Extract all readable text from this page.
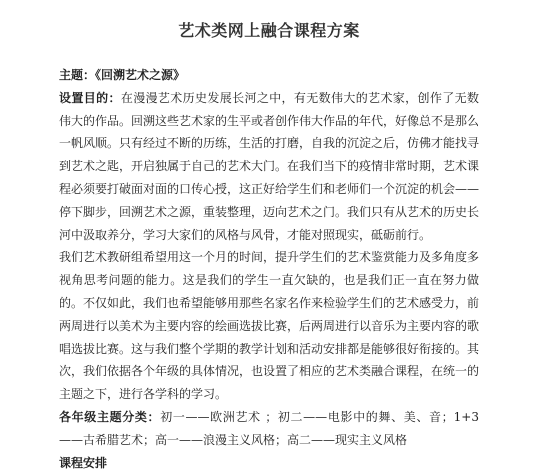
艺术类网上融合课程方案

主题：《回溯艺术之源》

设置目的：在漫漫艺术历史发展长河之中，有无数伟大的艺术家，创作了无数伟大的作品。回溯这些艺术家的生平或者创作伟大作品的年代，好像总不是那么一帆风顺。只有经过不断的历练，生活的打磨，自我的沉淀之后，仿佛才能找寻到艺术之匙，开启独属于自己的艺术大门。在我们当下的疫情非常时期，艺术课程必须要打破面对面的口传心授，这正好给学生们和老师们一个沉淀的机会——停下脚步，回溯艺术之源，重装整理，迈向艺术之门。我们只有从艺术的历史长河中汲取养分，学习大家们的风格与风骨，才能对照现实，砥砺前行。

我们艺术教研组希望用这一个月的时间，提升学生们的艺术鉴赏能力及多角度多视角思考问题的能力。这是我们的学生一直欠缺的，也是我们正一直在努力做的。不仅如此，我们也希望能够用那些名家名作来检验学生们的艺术感受力，前两周进行以美术为主要内容的绘画选拔比赛，后两周进行以音乐为主要内容的歌唱选拔比赛。这与我们整个学期的教学计划和活动安排都是能够很好衔接的。其次，我们依据各个年级的具体情况，也设置了相应的艺术类融合课程，在统一的主题之下，进行各学科的学习。

各年级主题分类：初一——欧洲艺术 ；初二——电影中的舞、美、音；1+3——古希腊艺术；高一——浪漫主义风格；高二——现实主义风格

课程安排
